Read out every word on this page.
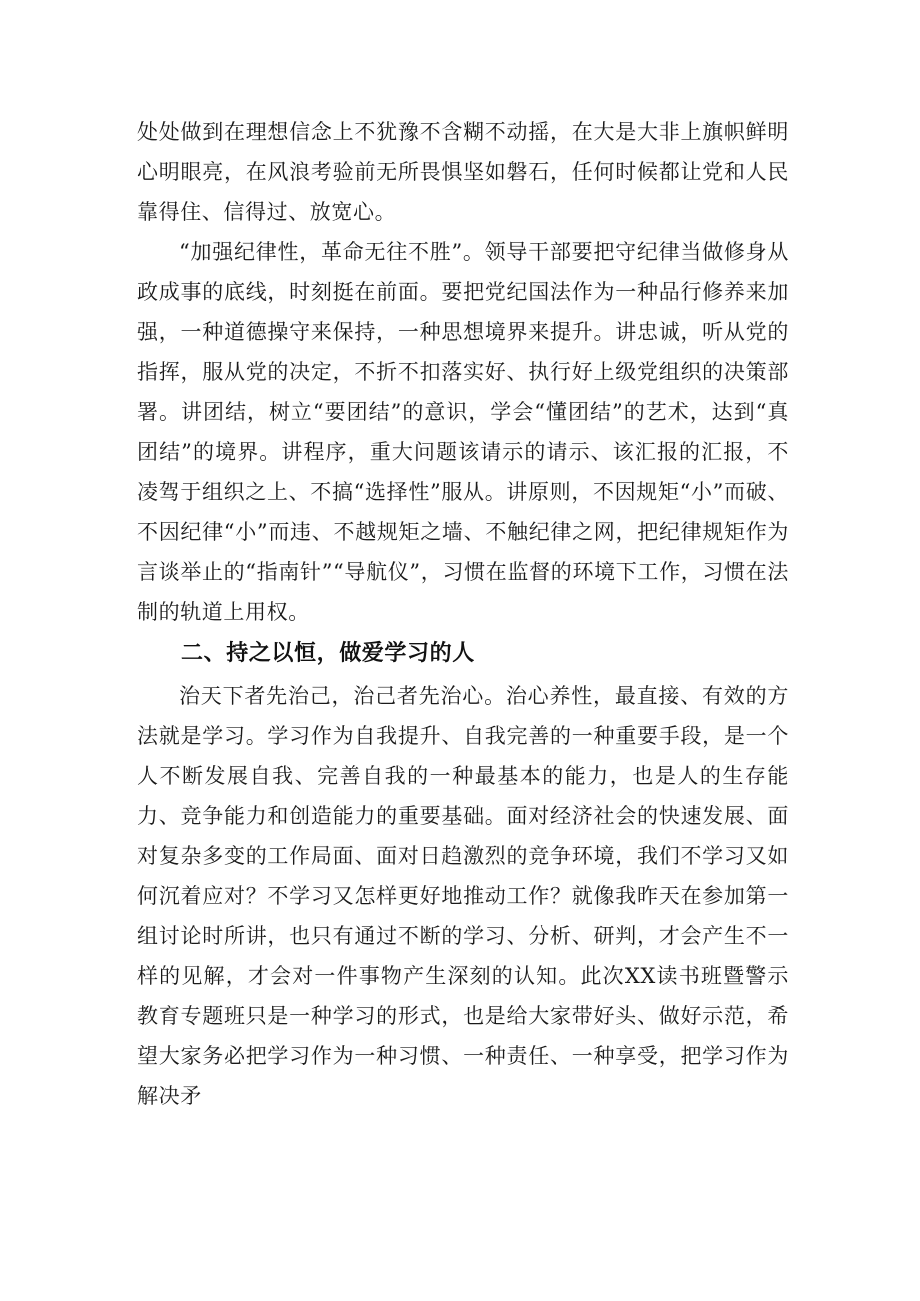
处处做到在理想信念上不犹豫不含糊不动摇，在大是大非上旗帜鲜明心明眼亮，在风浪考验前无所畏惧坚如磐石，任何时候都让党和人民靠得住、信得过、放宽心。

“加强纪律性，革命无往不胜”。领导干部要把守纪律当做修身从政成事的底线，时刻挺在前面。要把党纪国法作为一种品行修养来加强，一种道德操守来保持，一种思想境界来提升。讲忠诚，听从党的指挥，服从党的决定，不折不扣落实好、执行好上级党组织的决策部署。讲团结，树立“要团结”的意识，学会“懂团结”的艺术，达到“真团结”的境界。讲程序，重大问题该请示的请示、该汇报的汇报，不凌驾于组织之上、不搞“选择性”服从。讲原则，不因规矩“小”而破、不因纪律“小”而违、不越规矩之墙、不触纪律之网，把纪律规矩作为言谈举止的“指南针”“导航仪”，习惯在监督的环境下工作，习惯在法制的轨道上用权。

二、持之以恒，做爱学习的人

治天下者先治己，治己者先治心。治心养性，最直接、有效的方法就是学习。学习作为自我提升、自我完善的一种重要手段，是一个人不断发展自我、完善自我的一种最基本的能力，也是人的生存能力、竞争能力和创造能力的重要基础。面对经济社会的快速发展、面对复杂多变的工作局面、面对日趋激烈的竞争环境，我们不学习又如何沉着应对？不学习又怎样更好地推动工作？就像我昨天在参加第一组讨论时所讲，也只有通过不断的学习、分析、研判，才会产生不一样的见解，才会对一件事物产生深刻的认知。此次XX读书班暨警示教育专题班只是一种学习的形式，也是给大家带好头、做好示范，希望大家务必把学习作为一种习惯、一种责任、一种享受，把学习作为解决矛
